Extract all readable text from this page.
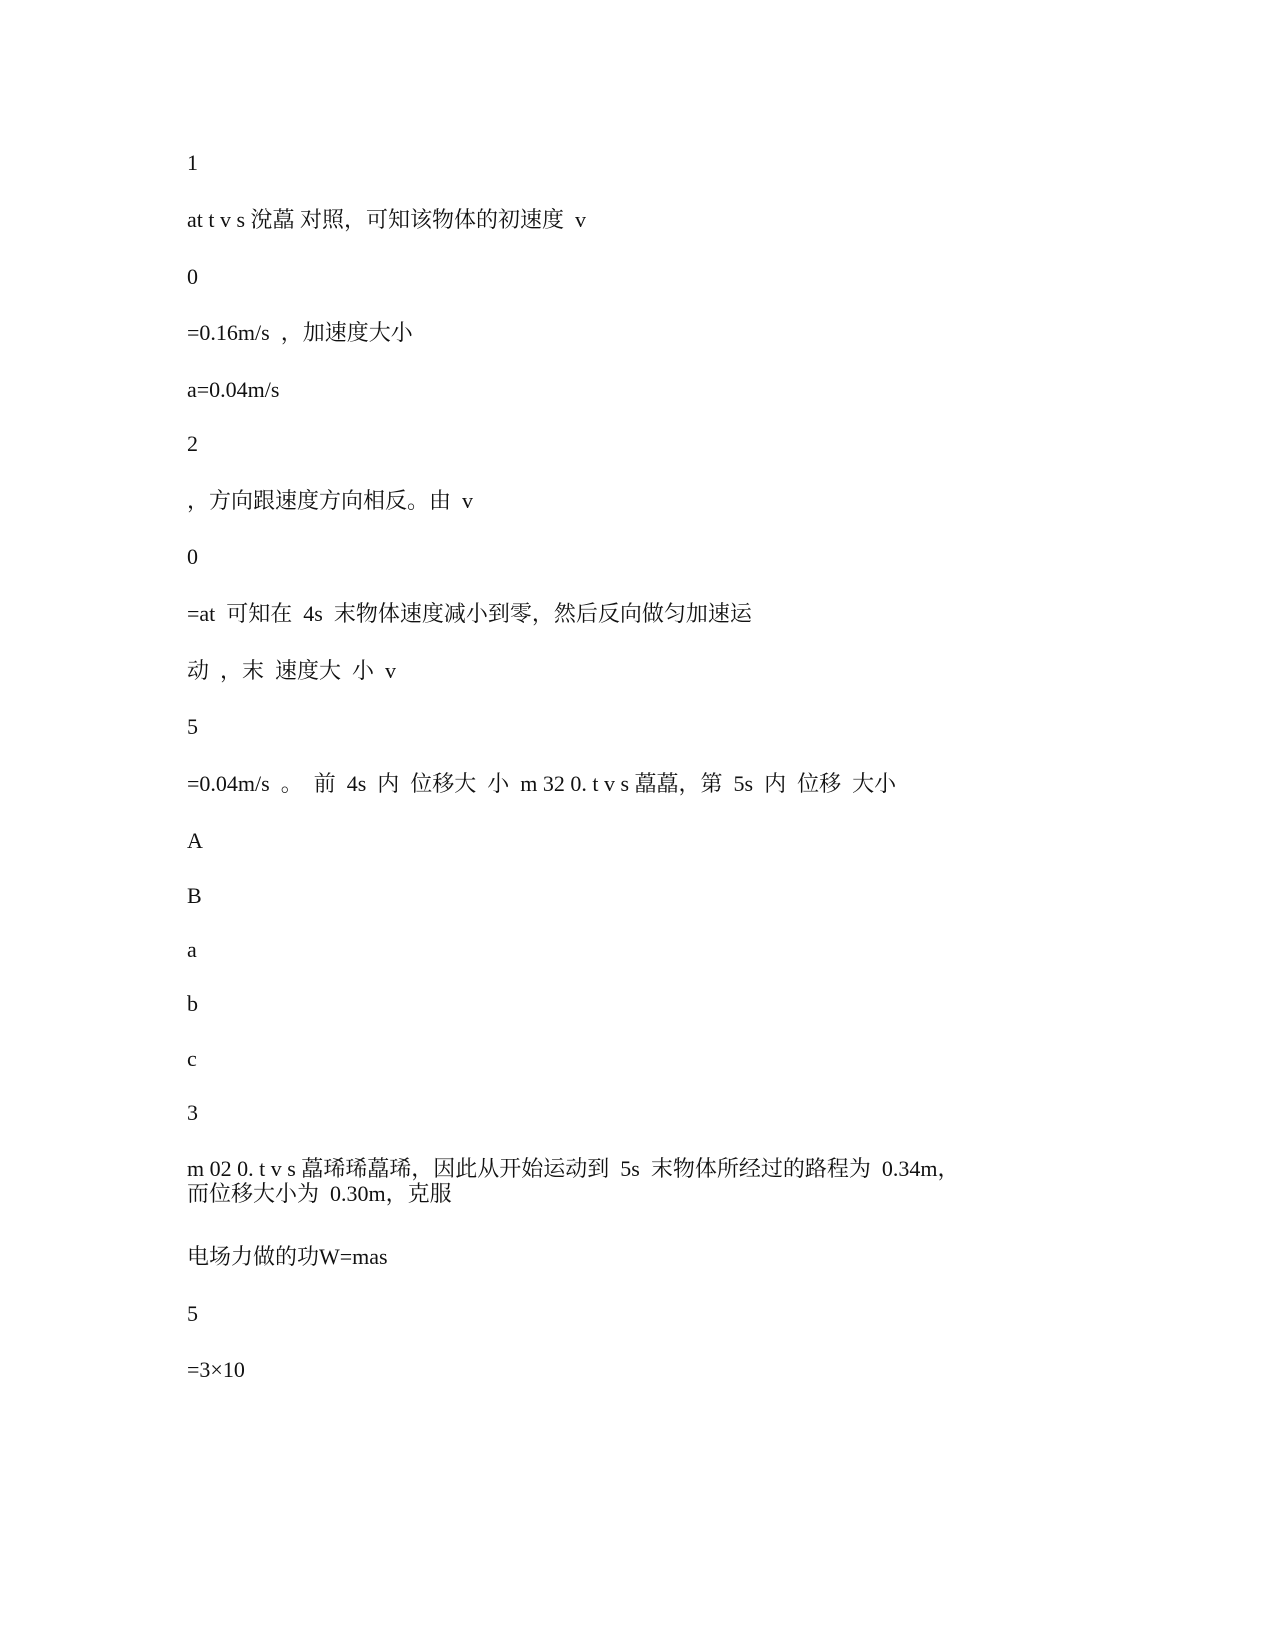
1

at t v s 涗藠 对照，可知该物体的初速度  v

0

=0.16m/s  ，加速度大小

a=0.04m/s

2

，方向跟速度方向相反。由  v

0

=at  可知在  4s  末物体速度减小到零，然后反向做匀加速运

动  ，末  速度大  小  v

5

=0.04m/s  。  前  4s  内  位移大  小  m 32 0. t v s 藠藠，第  5s  内  位移  大小

A

B

a

b

c

3

m 02 0. t v s 藠琋琋藠琋，因此从开始运动到  5s  末物体所经过的路程为  0.34m，

而位移大小为  0.30m，克服

电场力做的功W=mas

5

=3×10
